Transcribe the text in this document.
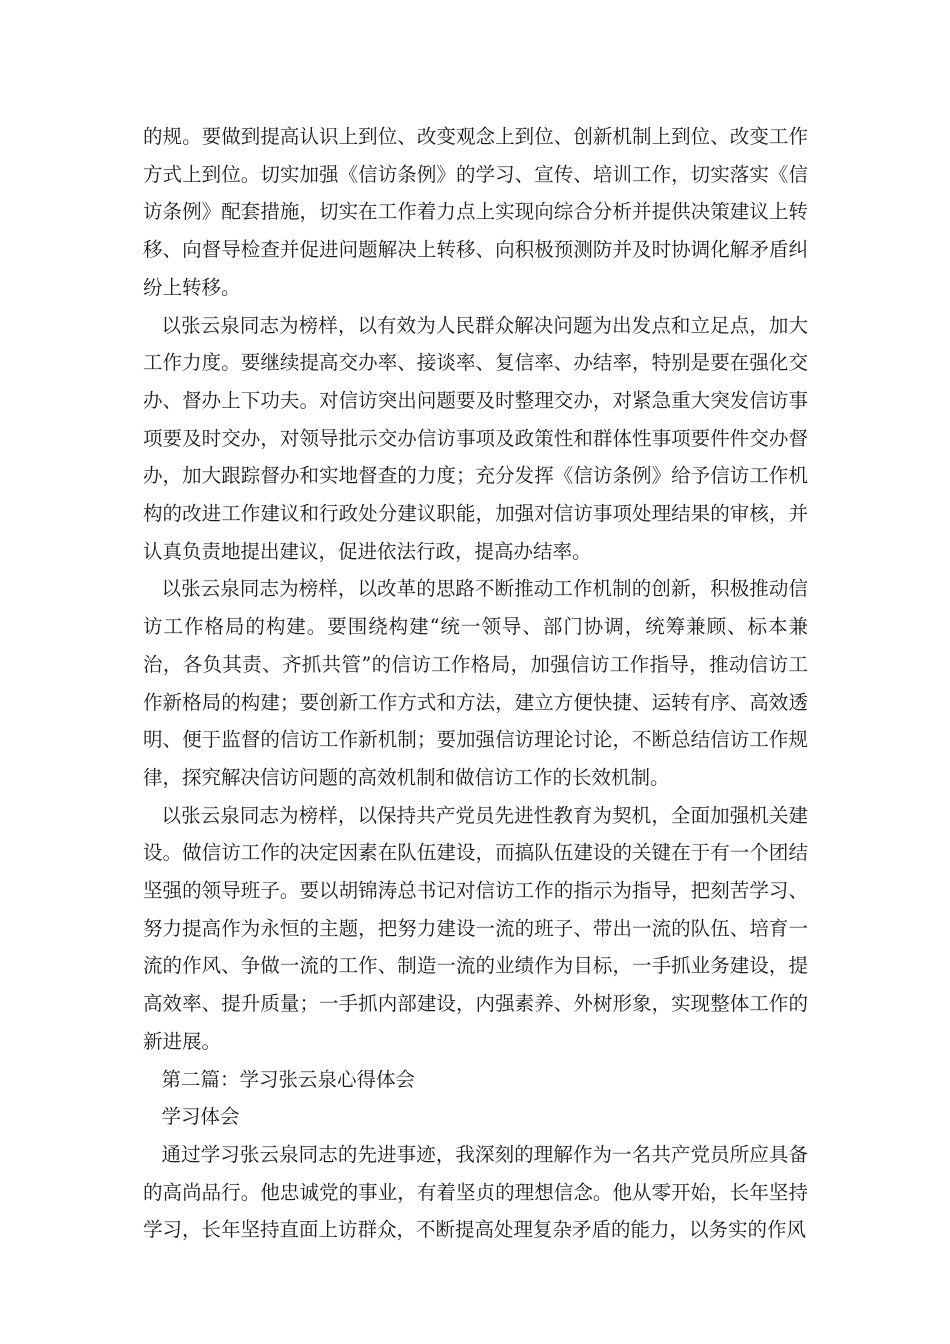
的规。要做到提高认识上到位、改变观念上到位、创新机制上到位、改变工作方式上到位。切实加强《信访条例》的学习、宣传、培训工作，切实落实《信访条例》配套措施，切实在工作着力点上实现向综合分析并提供决策建议上转移、向督导检查并促进问题解决上转移、向积极预测防并及时协调化解矛盾纠纷上转移。

以张云泉同志为榜样，以有效为人民群众解决问题为出发点和立足点，加大工作力度。要继续提高交办率、接谈率、复信率、办结率，特别是要在强化交办、督办上下功夫。对信访突出问题要及时整理交办，对紧急重大突发信访事项要及时交办，对领导批示交办信访事项及政策性和群体性事项要件件交办督办，加大跟踪督办和实地督查的力度；充分发挥《信访条例》给予信访工作机构的改进工作建议和行政处分建议职能，加强对信访事项处理结果的审核，并认真负责地提出建议，促进依法行政，提高办结率。

以张云泉同志为榜样，以改革的思路不断推动工作机制的创新，积极推动信访工作格局的构建。要围绕构建“统一领导、部门协调，统筹兼顾、标本兼治，各负其责、齐抓共管”的信访工作格局，加强信访工作指导，推动信访工作新格局的构建；要创新工作方式和方法，建立方便快捷、运转有序、高效透明、便于监督的信访工作新机制；要加强信访理论讨论，不断总结信访工作规律，探究解决信访问题的高效机制和做信访工作的长效机制。

以张云泉同志为榜样，以保持共产党员先进性教育为契机，全面加强机关建设。做信访工作的决定因素在队伍建设，而搞队伍建设的关键在于有一个团结坚强的领导班子。要以胡锦涛总书记对信访工作的指示为指导，把刻苦学习、努力提高作为永恒的主题，把努力建设一流的班子、带出一流的队伍、培育一流的作风、争做一流的工作、制造一流的业绩作为目标，一手抓业务建设，提高效率、提升质量；一手抓内部建设，内强素养、外树形象，实现整体工作的新进展。

第二篇：学习张云泉心得体会

学习体会

通过学习张云泉同志的先进事迹，我深刻的理解作为一名共产党员所应具备的高尚品行。他忠诚党的事业，有着坚贞的理想信念。他从零开始，长年坚持学习，长年坚持直面上访群众，不断提高处理复杂矛盾的能力，以务实的作风
